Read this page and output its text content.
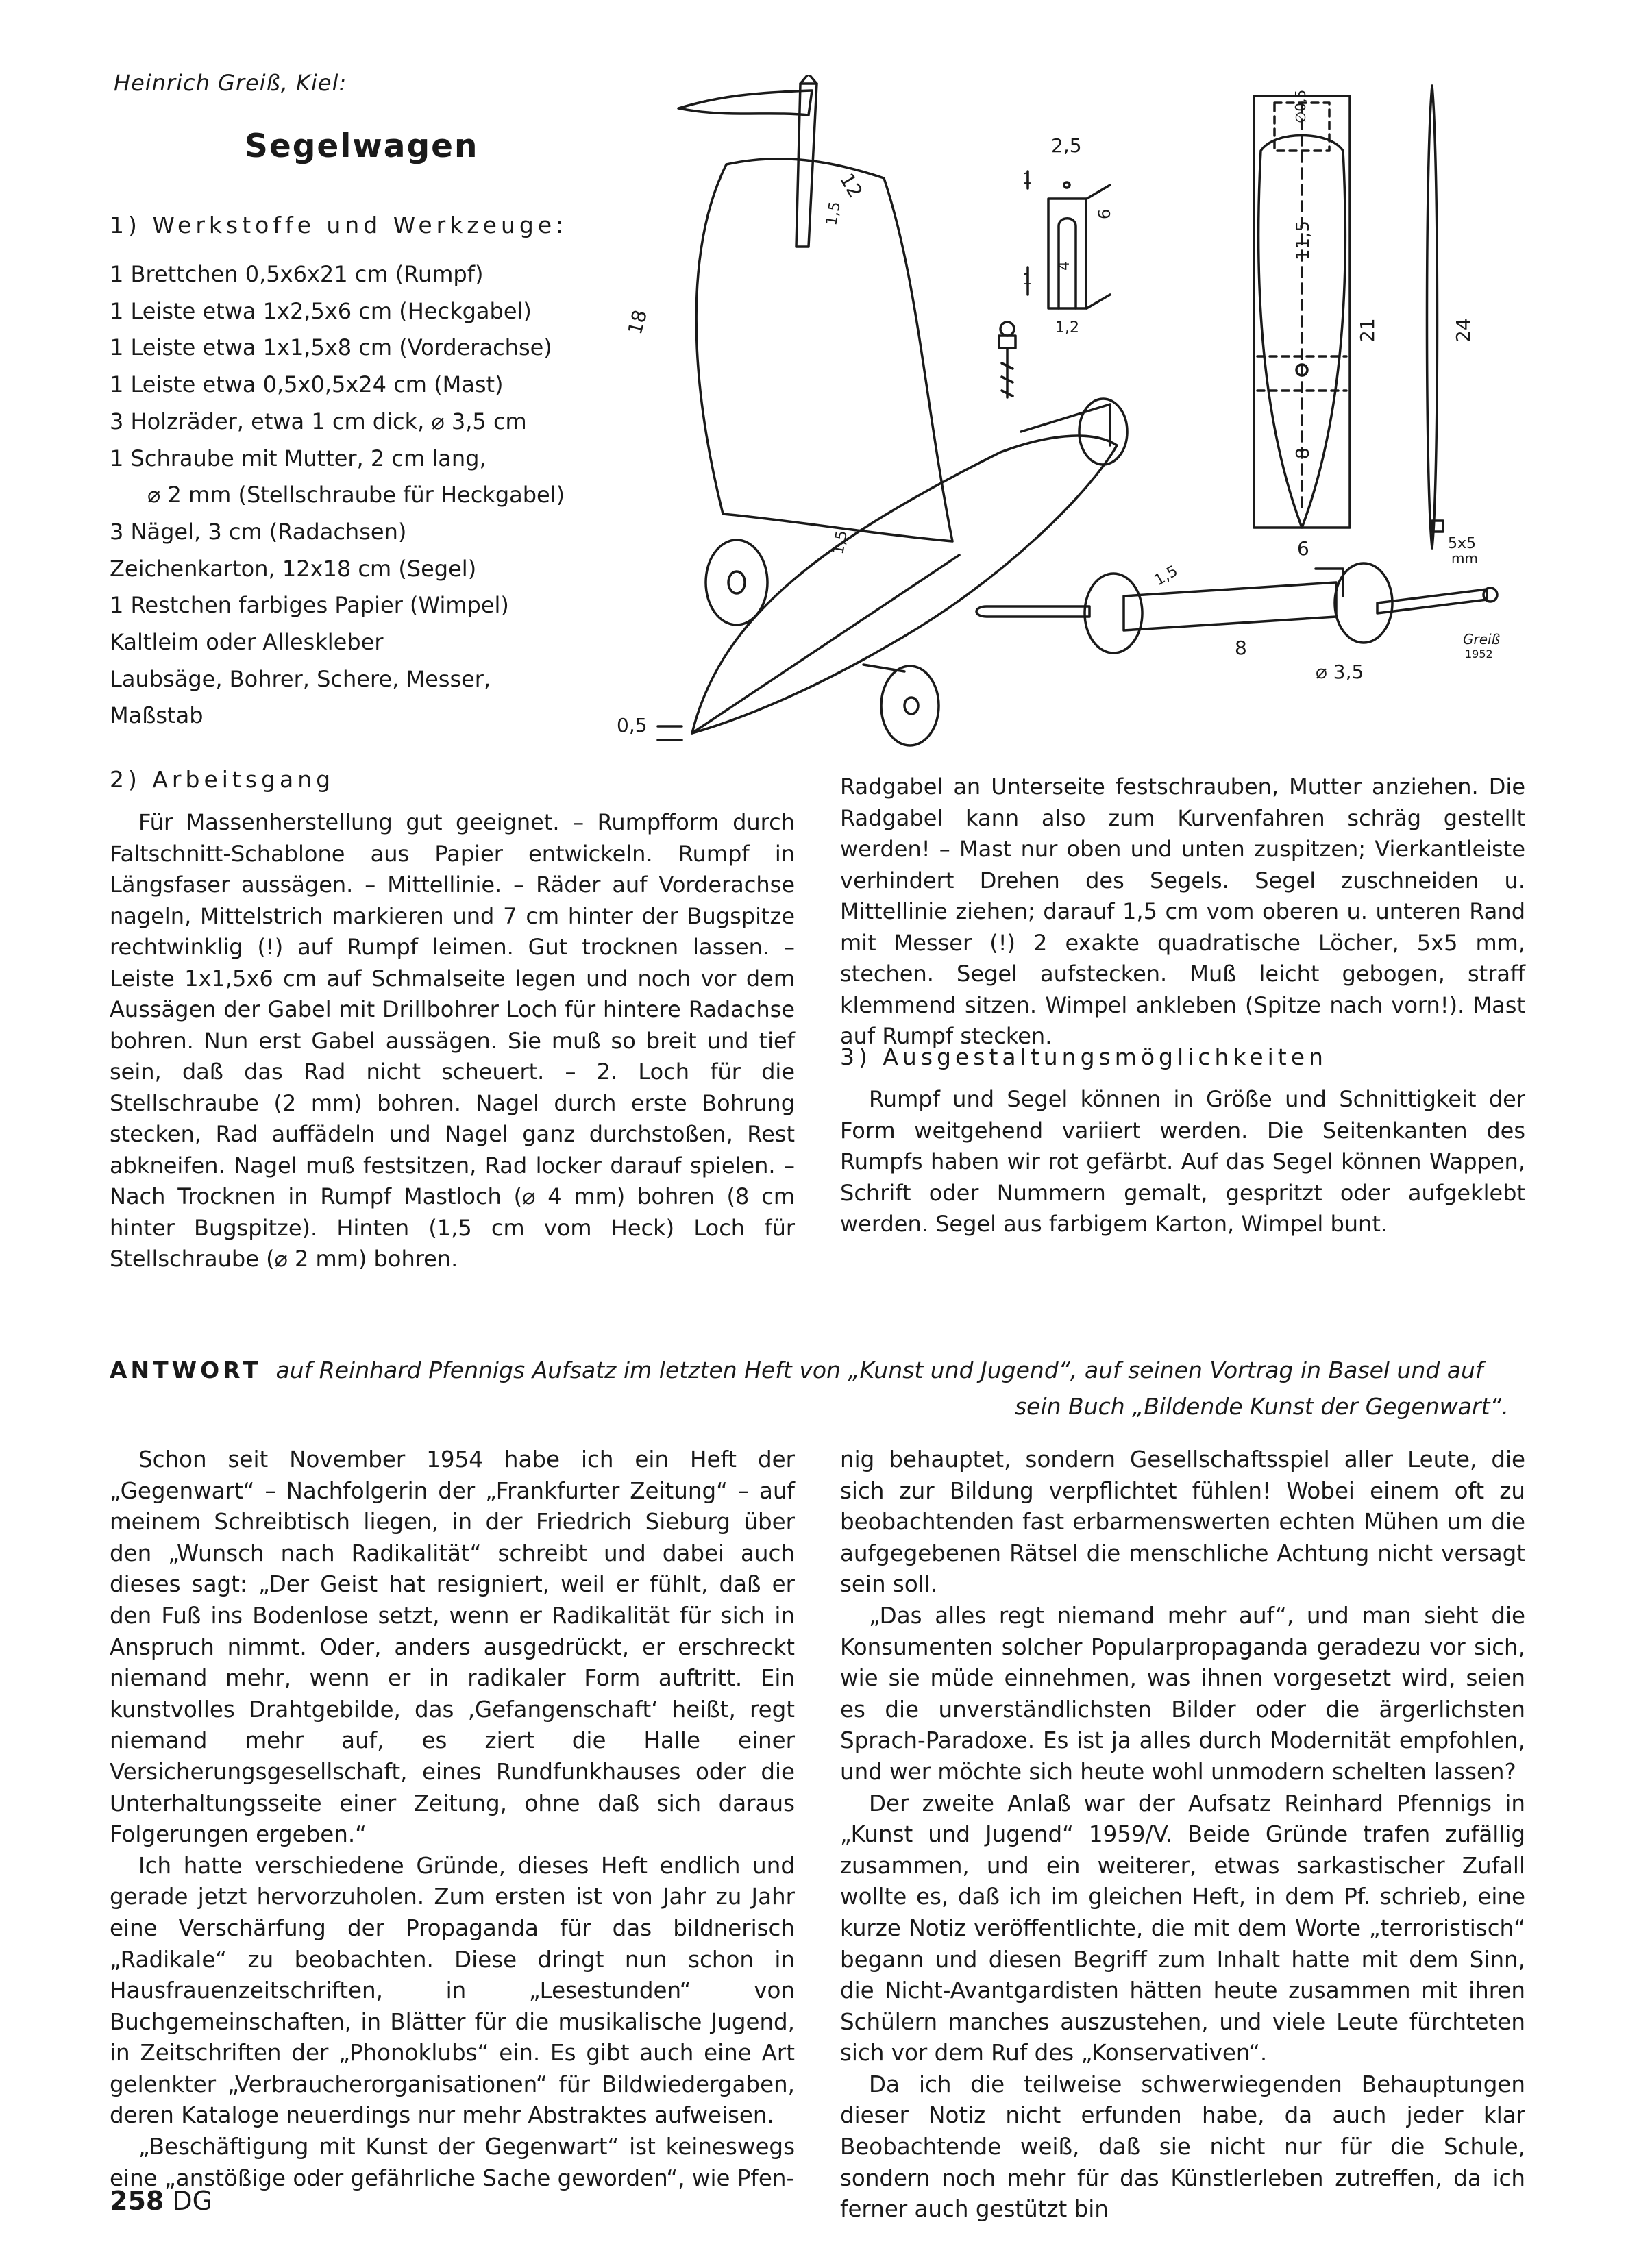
Heinrich Greiß, Kiel:
Segelwagen
1) Werkstoffe und Werkzeuge:
1 Brettchen 0,5x6x21 cm (Rumpf)
1 Leiste etwa 1x2,5x6 cm (Heckgabel)
1 Leiste etwa 1x1,5x8 cm (Vorderachse)
1 Leiste etwa 0,5x0,5x24 cm (Mast)
3 Holzräder, etwa 1 cm dick, ⌀ 3,5 cm
1 Schraube mit Mutter, 2 cm lang,
⌀ 2 mm (Stellschraube für Heckgabel)
3 Nägel, 3 cm (Radachsen)
Zeichenkarton, 12x18 cm (Segel)
1 Restchen farbiges Papier (Wimpel)
Kaltleim oder Alleskleber
Laubsäge, Bohrer, Schere, Messer,
Maßstab
18
12
1,5
1,5
0,5
2,5
1
1
4
6
1,2
∅0,5
11,5
8
6
21	24
5x5
mm
1,5
8
⌀ 3,5
Greiß
1952
2) Arbeitsgang

Für Massenherstellung gut geeignet. – Rumpfform durch Faltschnitt-Schablone aus Papier entwickeln. Rumpf in Längsfaser aussägen. – Mittellinie. – Räder auf Vorderachse nageln, Mittelstrich markieren und 7 cm hinter der Bugspitze rechtwinklig (!) auf Rumpf leimen. Gut trocknen lassen. – Leiste 1x1,5x6 cm auf Schmalseite legen und noch vor dem Aussägen der Gabel mit Drillbohrer Loch für hintere Radachse bohren. Nun erst Gabel aussägen. Sie muß so breit und tief sein, daß das Rad nicht scheuert. – 2. Loch für die Stellschraube (2 mm) bohren. Nagel durch erste Bohrung stecken, Rad auffädeln und Nagel ganz durchstoßen, Rest abkneifen. Nagel muß festsitzen, Rad locker darauf spielen. – Nach Trocknen in Rumpf Mastloch (⌀ 4 mm) bohren (8 cm hinter Bugspitze). Hinten (1,5 cm vom Heck) Loch für Stellschraube (⌀ 2 mm) bohren.

Radgabel an Unterseite festschrauben, Mutter anziehen. Die Radgabel kann also zum Kurvenfahren schräg gestellt werden! – Mast nur oben und unten zuspitzen; Vierkantleiste verhindert Drehen des Segels. Segel zuschneiden u. Mittellinie ziehen; darauf 1,5 cm vom oberen u. unteren Rand mit Messer (!) 2 exakte quadratische Löcher, 5x5 mm, stechen. Segel aufstecken. Muß leicht gebogen, straff klemmend sitzen. Wimpel ankleben (Spitze nach vorn!). Mast auf Rumpf stecken.

3) Ausgestaltungsmöglichkeiten

Rumpf und Segel können in Größe und Schnittigkeit der Form weitgehend variiert werden. Die Seitenkanten des Rumpfs haben wir rot gefärbt. Auf das Segel können Wappen, Schrift oder Nummern gemalt, gespritzt oder aufgeklebt werden. Segel aus farbigem Karton, Wimpel bunt.

ANTWORT auf Reinhard Pfennigs Aufsatz im letzten Heft von „Kunst und Jugend“, auf seinen Vortrag in Basel und auf
sein Buch „Bildende Kunst der Gegenwart“.

Schon seit November 1954 habe ich ein Heft der „Gegenwart“ – Nachfolgerin der „Frankfurter Zeitung“ – auf meinem Schreibtisch liegen, in der Friedrich Sieburg über den „Wunsch nach Radikalität“ schreibt und dabei auch dieses sagt: „Der Geist hat resigniert, weil er fühlt, daß er den Fuß ins Bodenlose setzt, wenn er Radikalität für sich in Anspruch nimmt. Oder, anders ausgedrückt, er erschreckt niemand mehr, wenn er in radikaler Form auftritt. Ein kunstvolles Drahtgebilde, das ‚Gefangenschaft‘ heißt, regt niemand mehr auf, es ziert die Halle einer Versicherungsgesellschaft, eines Rundfunkhauses oder die Unterhaltungsseite einer Zeitung, ohne daß sich daraus Folgerungen ergeben.“

Ich hatte verschiedene Gründe, dieses Heft endlich und gerade jetzt hervorzuholen. Zum ersten ist von Jahr zu Jahr eine Verschärfung der Propaganda für das bildnerisch „Radikale“ zu beobachten. Diese dringt nun schon in Hausfrauenzeitschriften, in „Lesestunden“ von Buchgemeinschaften, in Blätter für die musikalische Jugend, in Zeitschriften der „Phonoklubs“ ein. Es gibt auch eine Art gelenkter „Verbraucherorganisationen“ für Bildwiedergaben, deren Kataloge neuerdings nur mehr Abstraktes aufweisen.

„Beschäftigung mit Kunst der Gegenwart“ ist keineswegs eine „anstößige oder gefährliche Sache geworden“, wie Pfen-

nig behauptet, sondern Gesellschaftsspiel aller Leute, die sich zur Bildung verpflichtet fühlen! Wobei einem oft zu beobachtenden fast erbarmenswerten echten Mühen um die aufgegebenen Rätsel die menschliche Achtung nicht versagt sein soll.

„Das alles regt niemand mehr auf“, und man sieht die Konsumenten solcher Popularpropaganda geradezu vor sich, wie sie müde einnehmen, was ihnen vorgesetzt wird, seien es die unverständlichsten Bilder oder die ärgerlichsten Sprach-Paradoxe. Es ist ja alles durch Modernität empfohlen, und wer möchte sich heute wohl unmodern schelten lassen?

Der zweite Anlaß war der Aufsatz Reinhard Pfennigs in „Kunst und Jugend“ 1959/V. Beide Gründe trafen zufällig zusammen, und ein weiterer, etwas sarkastischer Zufall wollte es, daß ich im gleichen Heft, in dem Pf. schrieb, eine kurze Notiz veröffentlichte, die mit dem Worte „terroristisch“ begann und diesen Begriff zum Inhalt hatte mit dem Sinn, die Nicht-Avantgardisten hätten heute zusammen mit ihren Schülern manches auszustehen, und viele Leute fürchteten sich vor dem Ruf des „Konservativen“.

Da ich die teilweise schwerwiegenden Behauptungen dieser Notiz nicht erfunden habe, da auch jeder klar Beobachtende weiß, daß sie nicht nur für die Schule, sondern noch mehr für das Künstlerleben zutreffen, da ich ferner auch gestützt bin

258 DG
